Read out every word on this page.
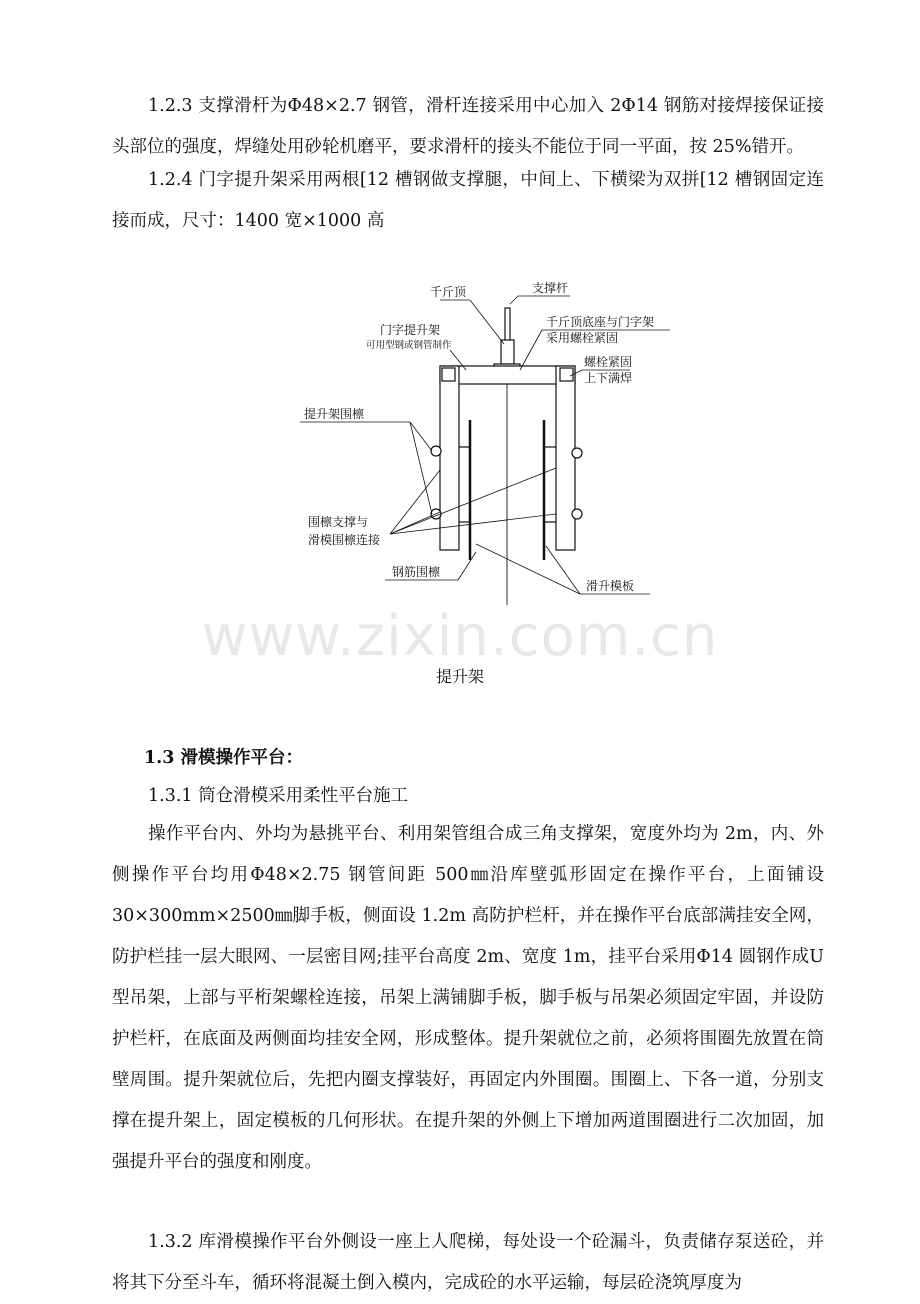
1.2.3 支撑滑杆为Φ48×2.7 钢管，滑杆连接采用中心加入 2Φ14 钢筋对接焊接保证接头部位的强度，焊缝处用砂轮机磨平，要求滑杆的接头不能位于同一平面，按 25%错开。

1.2.4 门字提升架采用两根[12 槽钢做支撑腿，中间上、下横梁为双拼[12 槽钢固定连接而成，尺寸：1400 宽×1000 高

千斤顶	支撑杆
门字提升架
可用型钢或钢管制作
千斤顶底座与门字架
采用螺栓紧固
螺栓紧固
上下满焊
提升架围檩
围檩支撑与
滑模围檩连接
钢筋围檩
滑升模板

www.zixin.com.cn

提升架

1.3 滑模操作平台：

1.3.1 筒仓滑模采用柔性平台施工

操作平台内、外均为悬挑平台、利用架管组合成三角支撑架，宽度外均为 2m，内、外侧操作平台均用Φ48×2.75 钢管间距 500㎜沿库壁弧形固定在操作平台，上面铺设 30×300mm×2500㎜脚手板，侧面设 1.2m 高防护栏杆，并在操作平台底部满挂安全网，防护栏挂一层大眼网、一层密目网;挂平台高度 2m、宽度 1m，挂平台采用Φ14 圆钢作成U型吊架，上部与平桁架螺栓连接，吊架上满铺脚手板，脚手板与吊架必须固定牢固，并设防护栏杆，在底面及两侧面均挂安全网，形成整体。提升架就位之前，必须将围圈先放置在筒壁周围。提升架就位后，先把内圈支撑装好，再固定内外围圈。围圈上、下各一道，分别支撑在提升架上，固定模板的几何形状。在提升架的外侧上下增加两道围圈进行二次加固，加强提升平台的强度和刚度。

1.3.2 库滑模操作平台外侧设一座上人爬梯，每处设一个砼漏斗，负责储存泵送砼，并将其下分至斗车，循环将混凝土倒入模内，完成砼的水平运输，每层砼浇筑厚度为
